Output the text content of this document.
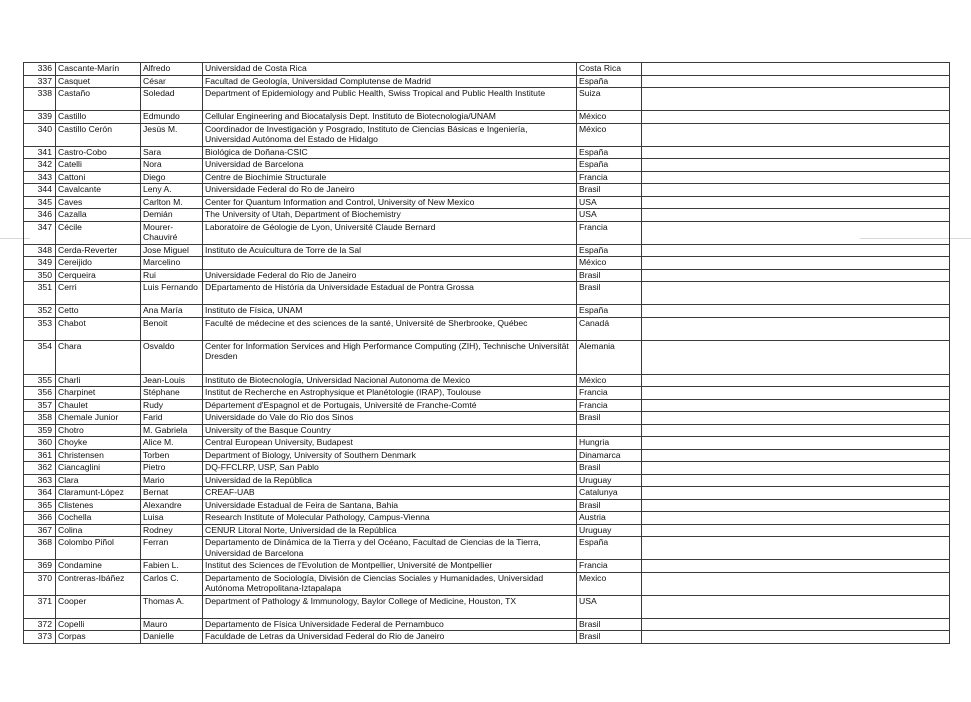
336	Cascante-Marín	Alfredo	Universidad de Costa Rica	Costa Rica	
337	Casquet	César	Facultad de Geología, Universidad Complutense de Madrid	España	
338	Castaño	Soledad	Department of Epidemiology and Public Health, Swiss Tropical and Public Health Institute	Suiza	
339	Castillo	Edmundo	Cellular Engineering and Biocatalysis Dept. Instituto de Biotecnologia/UNAM	México	
340	Castillo Cerón	Jesús M.	Coordinador de Investigación y Posgrado, Instituto de Ciencias Básicas e Ingeniería, Universidad Autónoma del Estado de Hidalgo	México	
341	Castro-Cobo	Sara	Biológica de Doñana-CSIC	España	
342	Catelli	Nora	Universidad de Barcelona	España	
343	Cattoni	Diego	Centre de Biochimie Structurale	Francia	
344	Cavalcante	Leny A.	Universidade Federal do Ro de Janeiro	Brasil	
345	Caves	Carlton M.	Center for Quantum Information and Control, University of New Mexico	USA	
346	Cazalla	Demián	The University of Utah, Department of Biochemistry	USA	
347	Cécile	Mourer-Chauviré	Laboratoire de Géologie de Lyon, Université Claude Bernard	Francia	
348	Cerda-Reverter	Jose Miguel	Instituto de Acuicultura de Torre de la Sal	España	
349	Cereijido	Marcelino		México	
350	Cerqueira	Rui	Universidade Federal do Rio de Janeiro	Brasil	
351	Cerri	Luis Fernando	DEpartamento de História da Universidade Estadual de Pontra Grossa	Brasil	
352	Cetto	Ana María	Instituto de Física, UNAM	España	
353	Chabot	Benoit	Faculté de médecine et des sciences de la santé, Université de Sherbrooke, Québec	Canadá	
354	Chara	Osvaldo	Center for Information Services and High Performance Computing (ZIH), Technische Universität Dresden	Alemania	
355	Charli	Jean-Louis	Instituto de Biotecnología, Universidad Nacional Autonoma de Mexico	México	
356	Charpinet	Stéphane	Institut de Recherche en Astrophysique et Planétologie (IRAP), Toulouse	Francia	
357	Chaulet	Rudy	Département d'Espagnol et de Portugais, Université de Franche-Comté	Francia	
358	Chemale Junior	Farid	Universidade do Vale do Rio dos Sinos	Brasil	
359	Chotro	M. Gabriela	University of the Basque Country		
360	Choyke	Alice M.	Central European University, Budapest	Hungria	
361	Christensen	Torben	Department of Biology, University of Southern Denmark	Dinamarca	
362	Ciancaglini	Pietro	DQ-FFCLRP, USP, San Pablo	Brasil	
363	Clara	Mario	Universidad de la República	Uruguay	
364	Claramunt-López	Bernat	CREAF-UAB	Catalunya	
365	Clistenes	Alexandre	Universidade Estadual de Feira de Santana, Bahia	Brasil	
366	Cochella	Luisa	Research Institute of Molecular Pathology, Campus-Vienna	Austria	
367	Colina	Rodney	CENUR Litoral Norte, Universidad de la República	Uruguay	
368	Colombo Piñol	Ferran	Departamento de Dinámica de la Tierra y del Océano, Facultad de Ciencias de la Tierra, Universidad de Barcelona	España	
369	Condamine	Fabien L.	Institut des Sciences de l'Evolution de Montpellier, Université de Montpellier	Francia	
370	Contreras-Ibáñez	Carlos C.	Departamento de Sociología, División de Ciencias Sociales y Humanidades, Universidad Autónoma Metropolitana-Iztapalapa	Mexico	
371	Cooper	Thomas A.	Department of Pathology & Immunology, Baylor College of Medicine, Houston, TX	USA	
372	Copelli	Mauro	Departamento de Física Universidade Federal de Pernambuco	Brasil	
373	Corpas	Danielle	Faculdade de Letras da Universidad Federal do Rio de Janeiro	Brasil	
